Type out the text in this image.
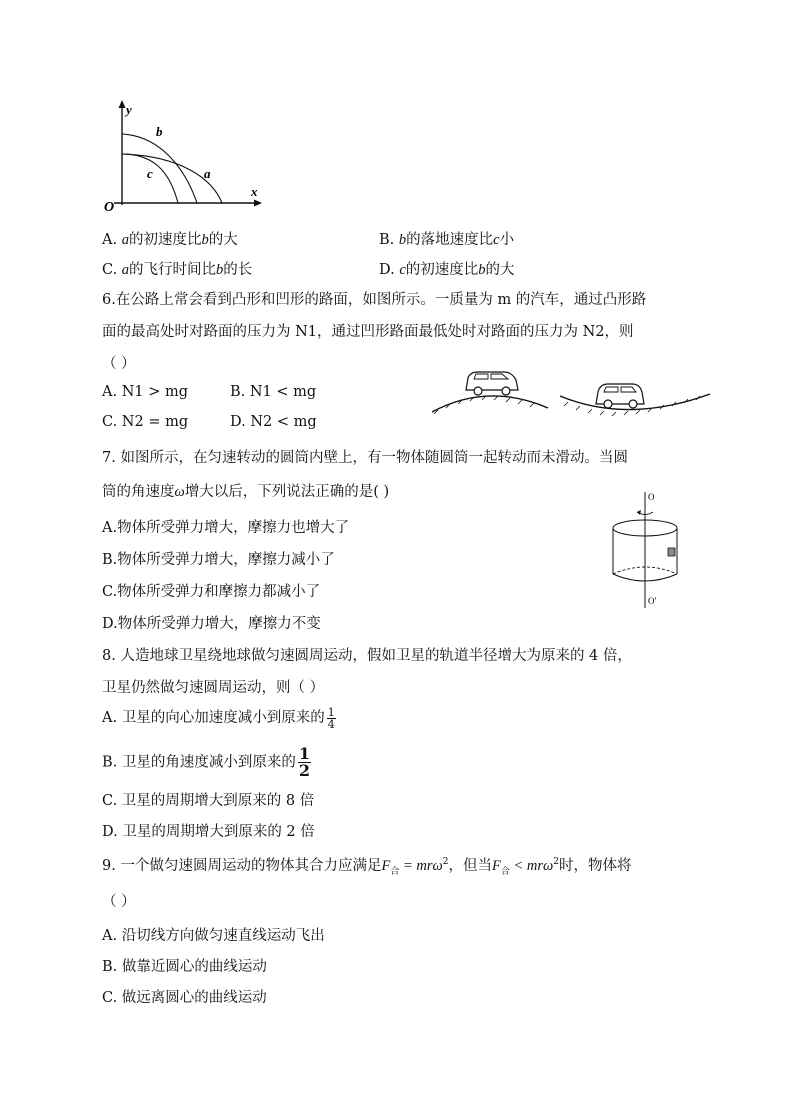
y
x
O
b
c	a
A. a的初速度比b的大	B. b的落地速度比c小
C. a的飞行时间比b的长	D. c的初速度比b的大
6.在公路上常会看到凸形和凹形的路面，如图所示。一质量为 m 的汽车，通过凸形路
面的最高处时对路面的压力为 N1，通过凹形路面最低处时对路面的压力为 N2，则
（ ）
A. N1 > mg	B. N1 < mg
C. N2 = mg	D. N2 < mg
7. 如图所示，在匀速转动的圆筒内壁上，有一物体随圆筒一起转动而未滑动。当圆
筒的角速度ω增大以后，下列说法正确的是( )
A.物体所受弹力增大，摩擦力也增大了
B.物体所受弹力增大，摩擦力减小了
C.物体所受弹力和摩擦力都减小了
D.物体所受弹力增大，摩擦力不变
O
O'
8. 人造地球卫星绕地球做匀速圆周运动，假如卫星的轨道半径增大为原来的 4 倍，
卫星仍然做匀速圆周运动，则（ ）
A. 卫星的向心加速度减小到原来的 $\frac{1}{4}$
B. 卫星的角速度减小到原来的 $\frac{1}{2}$
C. 卫星的周期增大到原来的 8 倍
D. 卫星的周期增大到原来的 2 倍
9. 一个做匀速圆周运动的物体其合力应满足$F_合 = mr\omega^2$，但当$F_合 < mr\omega^2$时，物体将
（ ）
A. 沿切线方向做匀速直线运动飞出
B. 做靠近圆心的曲线运动
C. 做远离圆心的曲线运动
